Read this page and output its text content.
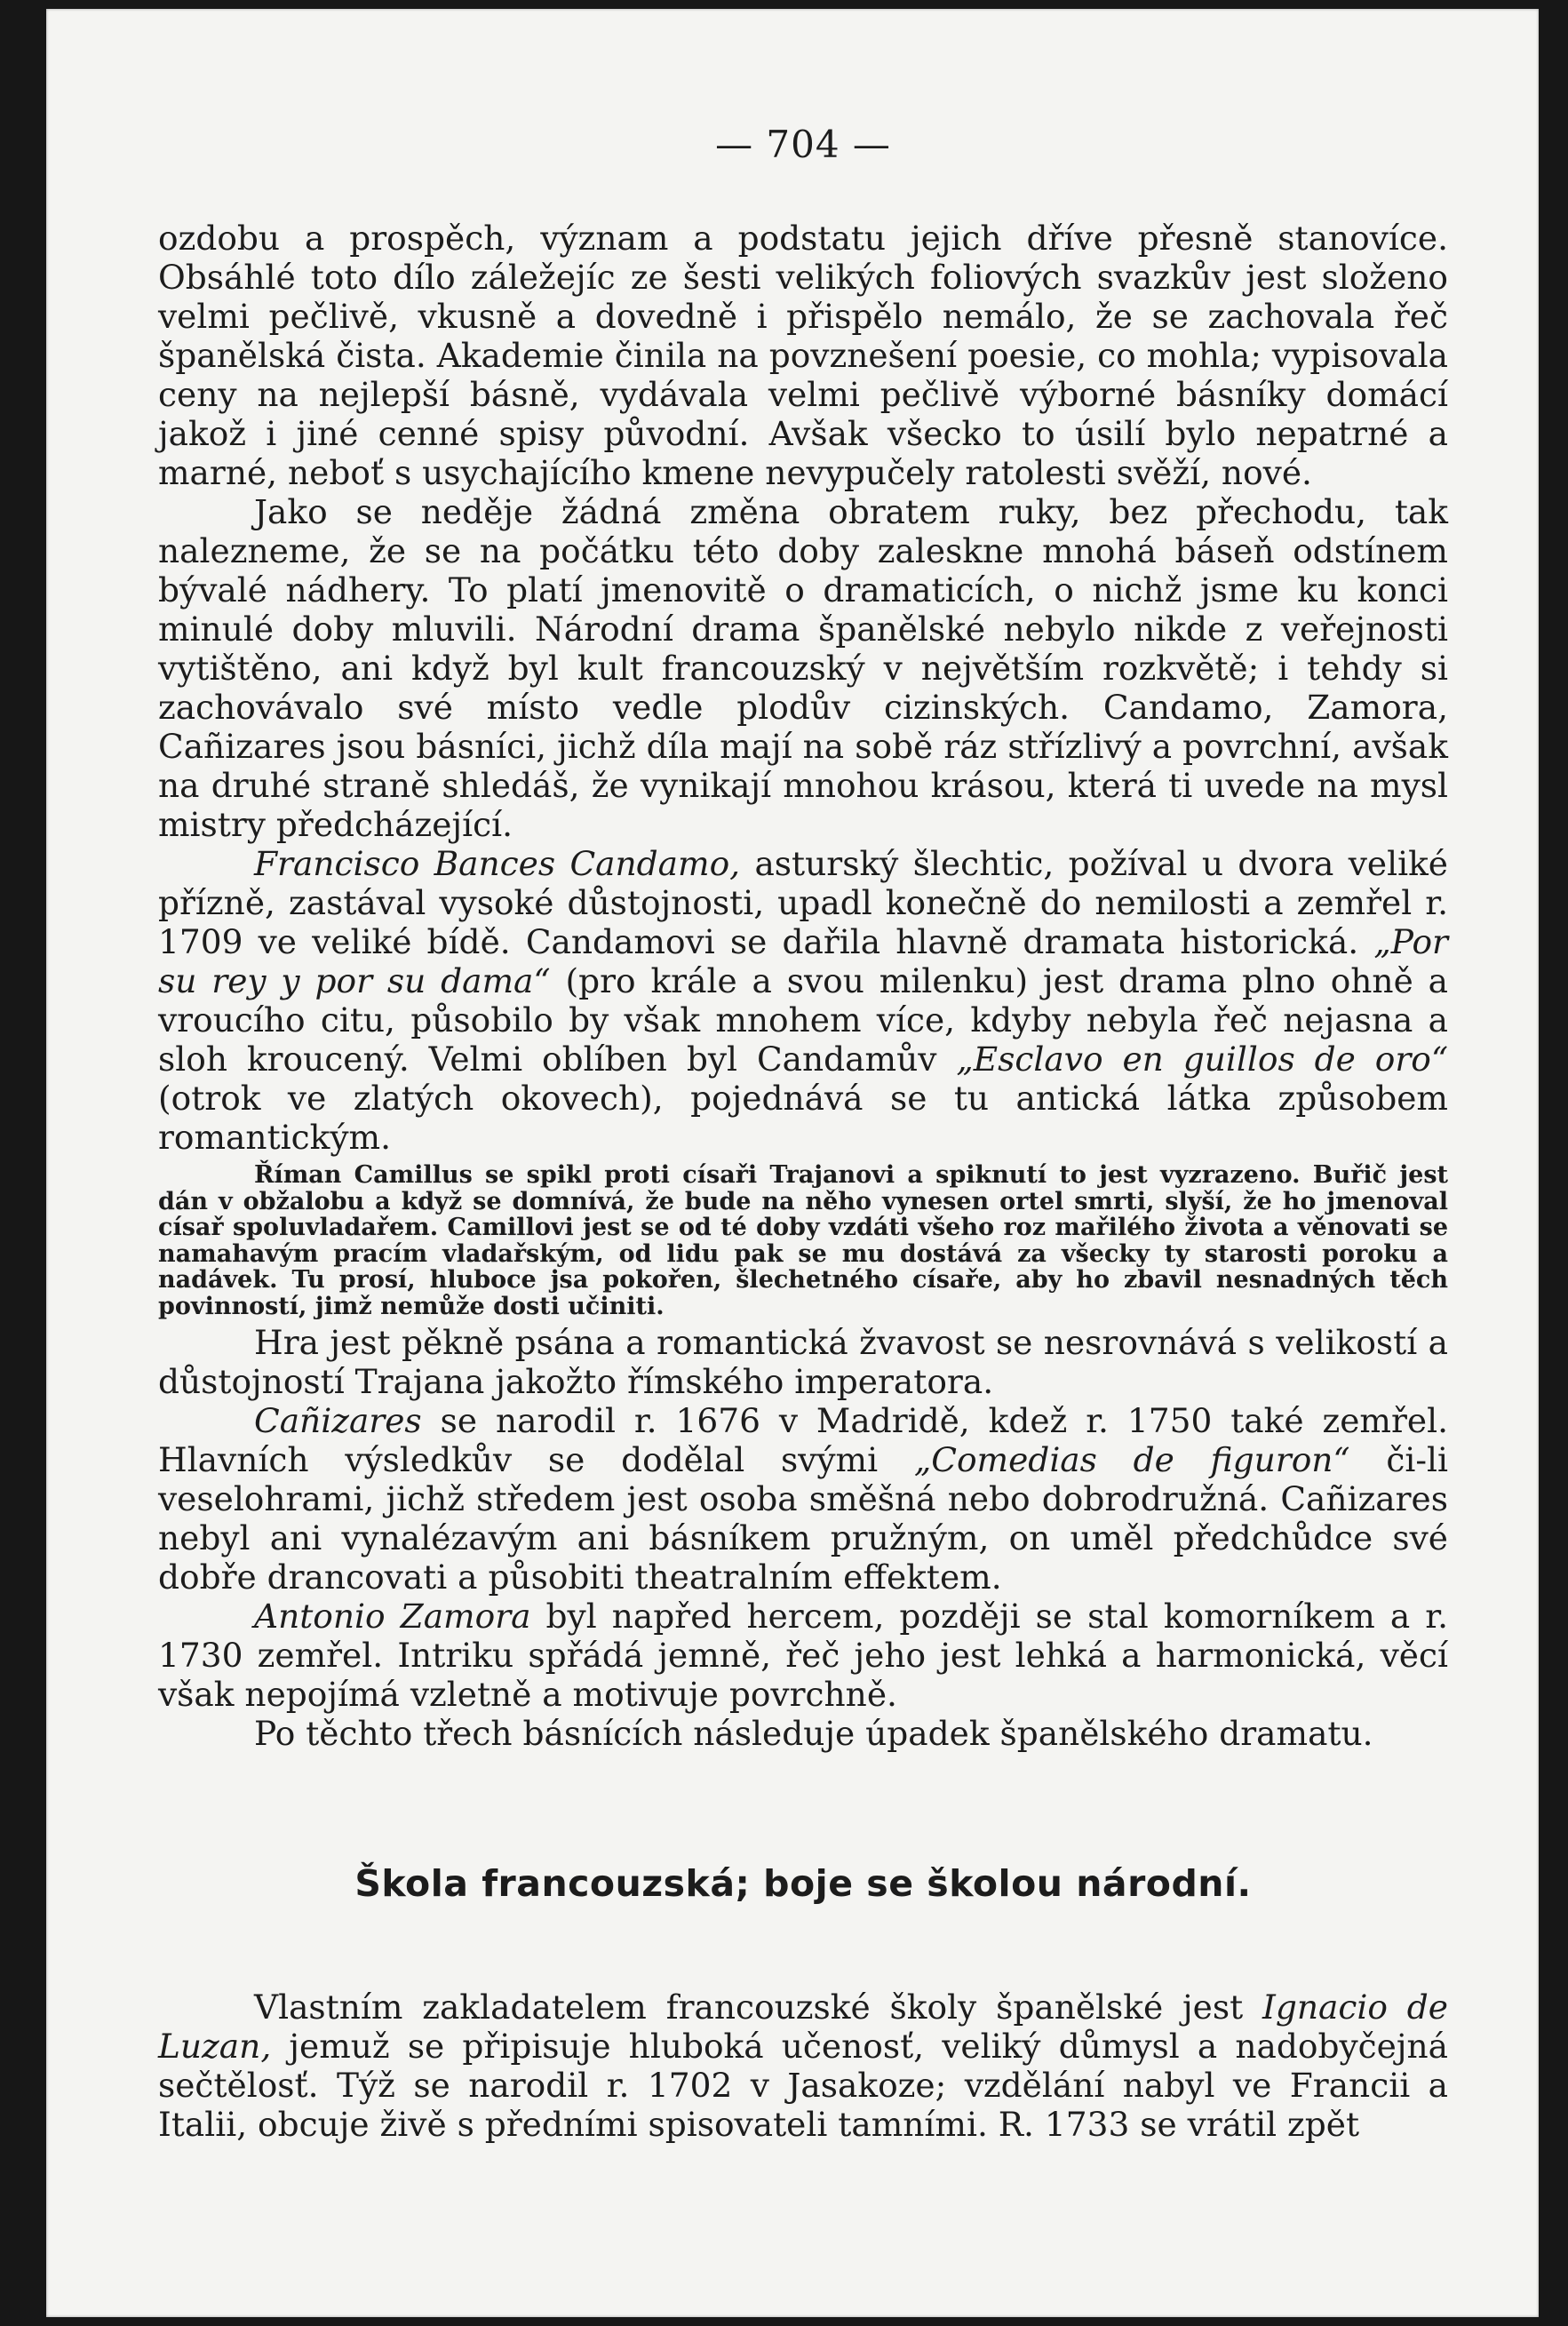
— 704 —

ozdobu a prospěch, význam a podstatu jejich dříve přesně stanovíce. Obsáhlé toto dílo záležejíc ze šesti velikých foliových svazkův jest složeno velmi pečlivě, vkusně a dovedně i přispělo nemálo, že se zachovala řeč španělská čista. Akademie činila na povznešení poesie, co mohla; vypisovala ceny na nejlepší básně, vydávala velmi pečlivě výborné básníky domácí jakož i jiné cenné spisy původní. Avšak všecko to úsilí bylo nepatrné a marné, neboť s usychajícího kmene nevypučely ratolesti svěží, nové.

Jako se neděje žádná změna obratem ruky, bez přechodu, tak nalezneme, že se na počátku této doby zaleskne mnohá báseň odstínem bývalé nádhery. To platí jmenovitě o dramaticích, o nichž jsme ku konci minulé doby mluvili. Národní drama španělské nebylo nikde z veřejnosti vytištěno, ani když byl kult francouzský v největším rozkvětě; i tehdy si zachovávalo své místo vedle plodův cizinských. Candamo, Zamora, Cañizares jsou básníci, jichž díla mají na sobě ráz střízlivý a povrchní, avšak na druhé straně shledáš, že vynikají mnohou krásou, která ti uvede na mysl mistry předcházející.

Francisco Bances Candamo, asturský šlechtic, požíval u dvora veliké přízně, zastával vysoké důstojnosti, upadl konečně do nemilosti a zemřel r. 1709 ve veliké bídě. Candamovi se dařila hlavně dramata historická. „Por su rey y por su dama“ (pro krále a svou milenku) jest drama plno ohně a vroucího citu, působilo by však mnohem více, kdyby nebyla řeč nejasna a sloh kroucený. Velmi oblíben byl Candamův „Esclavo en guillos de oro“ (otrok ve zlatých okovech), pojednává se tu antická látka způsobem romantickým.

Říman Camillus se spikl proti císaři Trajanovi a spiknutí to jest vyzrazeno. Buřič jest dán v obžalobu a když se domnívá, že bude na něho vynesen ortel smrti, slyší, že ho jmenoval císař spoluvladařem. Camillovi jest se od té doby vzdáti všeho roz mařilého života a věnovati se namahavým pracím vladařským, od lidu pak se mu dostává za všecky ty starosti poroku a nadávek. Tu prosí, hluboce jsa pokořen, šlechetného císaře, aby ho zbavil nesnadných těch povinností, jimž nemůže dosti učiniti.

Hra jest pěkně psána a romantická žvavost se nesrovnává s velikostí a důstojností Trajana jakožto římského imperatora.

Cañizares se narodil r. 1676 v Madridě, kdež r. 1750 také zemřel. Hlavních výsledkův se dodělal svými „Comedias de figuron“ či-li veselohrami, jichž středem jest osoba směšná nebo dobrodružná. Cañizares nebyl ani vynalézavým ani básníkem pružným, on uměl předchůdce své dobře drancovati a působiti theatralním effektem.

Antonio Zamora byl napřed hercem, později se stal komorníkem a r. 1730 zemřel. Intriku spřádá jemně, řeč jeho jest lehká a harmonická, věcí však nepojímá vzletně a motivuje povrchně.

Po těchto třech básnících následuje úpadek španělského dramatu.

Škola francouzská; boje se školou národní.

Vlastním zakladatelem francouzské školy španělské jest Ignacio de Luzan, jemuž se připisuje hluboká učenosť, veliký důmysl a nadobyčejná sečtělosť. Týž se narodil r. 1702 v Jasakoze; vzdělání nabyl ve Francii a Italii, obcuje živě s předními spisovateli tamními. R. 1733 se vrátil zpět
